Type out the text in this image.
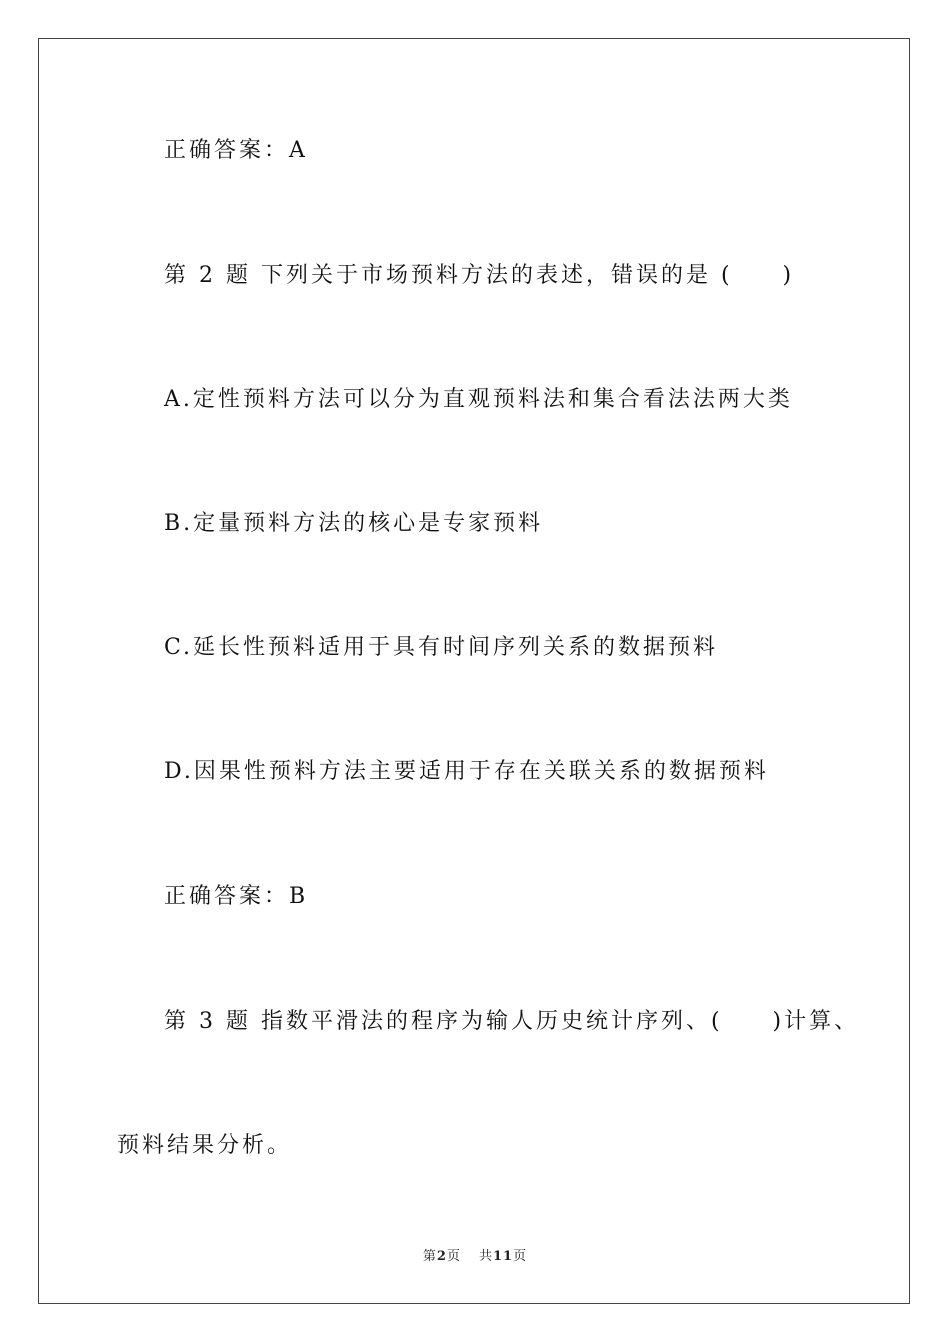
正确答案：A
第 2 题 下列关于市场预料方法的表述，错误的是 (　　)
A.定性预料方法可以分为直观预料法和集合看法法两大类
B.定量预料方法的核心是专家预料
C.延长性预料适用于具有时间序列关系的数据预料
D.因果性预料方法主要适用于存在关联关系的数据预料
正确答案：B
第 3 题 指数平滑法的程序为输人历史统计序列、(　　)计算、
预料结果分析。
第2页 共11页
